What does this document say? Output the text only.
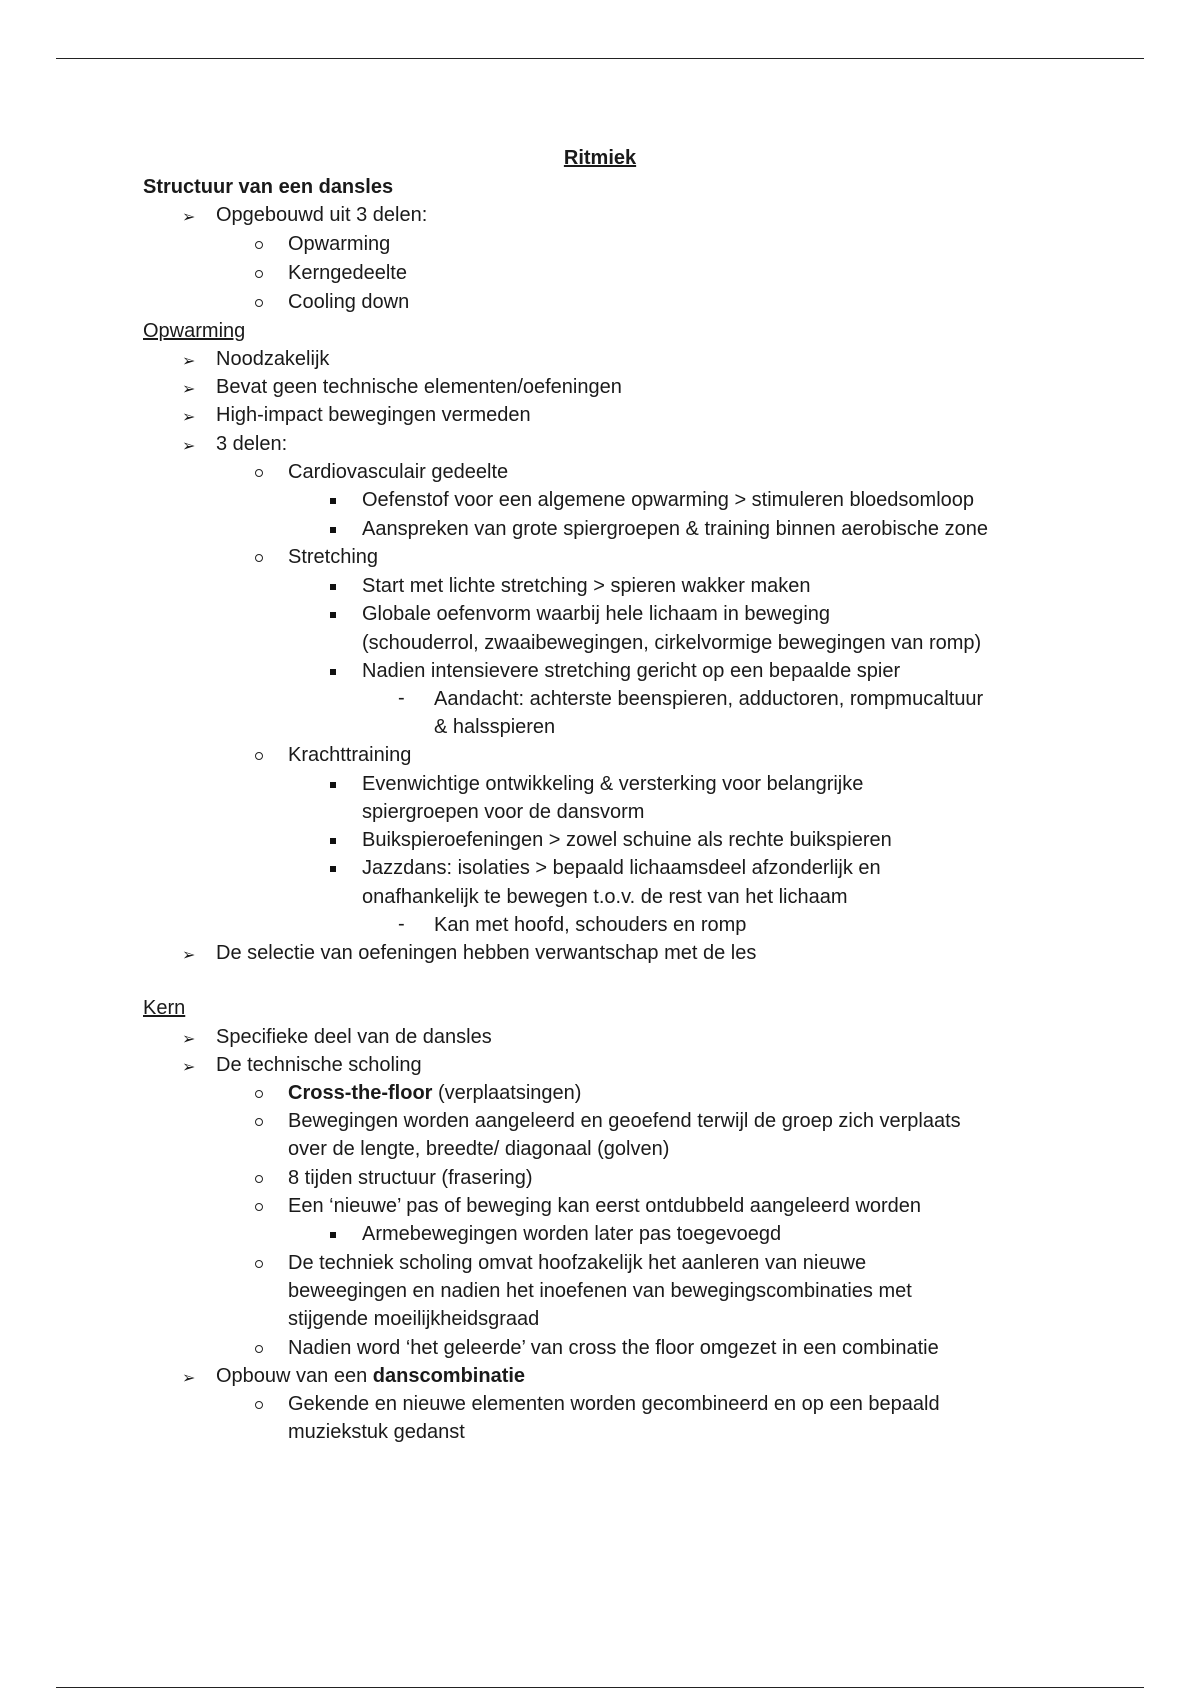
Ritmiek
Structuur van een dansles
➢ Opgebouwd uit 3 delen:
Opwarming
Kerngedeelte
Cooling down
Opwarming
➢ Noodzakelijk
➢ Bevat geen technische elementen/oefeningen
➢ High-impact bewegingen vermeden
➢ 3 delen:
Cardiovasculair gedeelte
Oefenstof voor een algemene opwarming > stimuleren bloedsomloop
Aanspreken van grote spiergroepen & training binnen aerobische zone
Stretching
Start met lichte stretching > spieren wakker maken
Globale oefenvorm waarbij hele lichaam in beweging
(schouderrol, zwaaibewegingen, cirkelvormige bewegingen van romp)
Nadien intensievere stretching gericht op een bepaalde spier
- Aandacht: achterste beenspieren, adductoren, rompmucaltuur
& halsspieren
Krachttraining
Evenwichtige ontwikkeling & versterking voor belangrijke
spiergroepen voor de dansvorm
Buikspieroefeningen > zowel schuine als rechte buikspieren
Jazzdans: isolaties > bepaald lichaamsdeel afzonderlijk en
onafhankelijk te bewegen t.o.v. de rest van het lichaam
- Kan met hoofd, schouders en romp
➢ De selectie van oefeningen hebben verwantschap met de les
Kern
➢ Specifieke deel van de dansles
➢ De technische scholing
Cross-the-floor (verplaatsingen)
Bewegingen worden aangeleerd en geoefend terwijl de groep zich verplaats
over de lengte, breedte/ diagonaal (golven)
8 tijden structuur (frasering)
Een ‘nieuwe’ pas of beweging kan eerst ontdubbeld aangeleerd worden
Armebewegingen worden later pas toegevoegd
De techniek scholing omvat hoofzakelijk het aanleren van nieuwe
beweegingen en nadien het inoefenen van bewegingscombinaties met
stijgende moeilijkheidsgraad
Nadien word ‘het geleerde’ van cross the floor omgezet in een combinatie
➢ Opbouw van een danscombinatie
Gekende en nieuwe elementen worden gecombineerd en op een bepaald
muziekstuk gedanst
